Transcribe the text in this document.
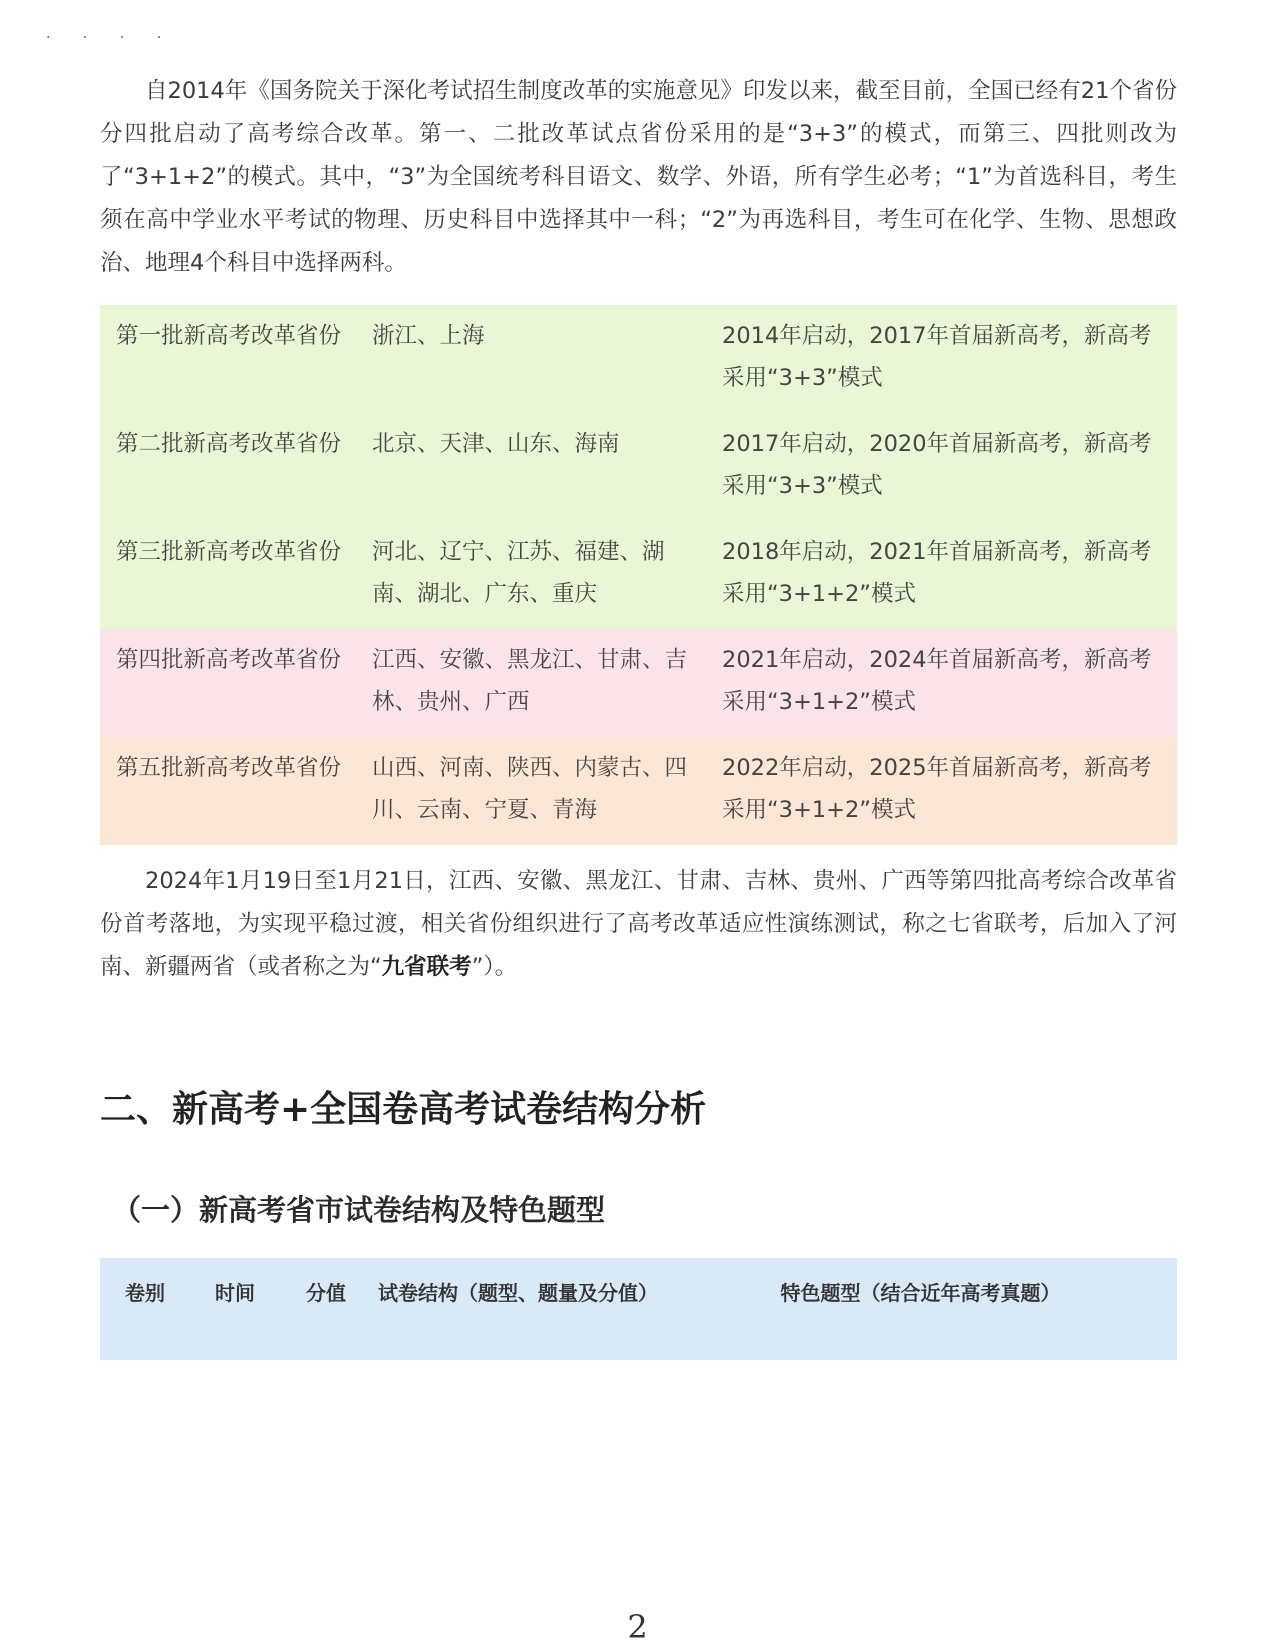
· · · ·

自2014年《国务院关于深化考试招生制度改革的实施意见》印发以来，截至目前，全国已经有21个省份分四批启动了高考综合改革。第一、二批改革试点省份采用的是“3+3”的模式，而第三、四批则改为了“3+1+2”的模式。其中，“3”为全国统考科目语文、数学、外语，所有学生必考；“1”为首选科目，考生须在高中学业水平考试的物理、历史科目中选择其中一科；“2”为再选科目，考生可在化学、生物、思想政治、地理4个科目中选择两科。

第一批新高考改革省份	浙江、上海	2014年启动，2017年首届新高考，新高考采用“3+3”模式
第二批新高考改革省份	北京、天津、山东、海南	2017年启动，2020年首届新高考，新高考采用“3+3”模式
第三批新高考改革省份	河北、辽宁、江苏、福建、湖南、湖北、广东、重庆	2018年启动，2021年首届新高考，新高考采用“3+1+2”模式
第四批新高考改革省份	江西、安徽、黑龙江、甘肃、吉林、贵州、广西	2021年启动，2024年首届新高考，新高考采用“3+1+2”模式
第五批新高考改革省份	山西、河南、陕西、内蒙古、四川、云南、宁夏、青海	2022年启动，2025年首届新高考，新高考采用“3+1+2”模式

2024年1月19日至1月21日，江西、安徽、黑龙江、甘肃、吉林、贵州、广西等第四批高考综合改革省份首考落地，为实现平稳过渡，相关省份组织进行了高考改革适应性演练测试，称之七省联考，后加入了河南、新疆两省（或者称之为“九省联考”）。

二、新高考+全国卷高考试卷结构分析
（一）新高考省市试卷结构及特色题型
卷别	时间	分值	试卷结构（题型、题量及分值）	特色题型（结合近年高考真题）
2
